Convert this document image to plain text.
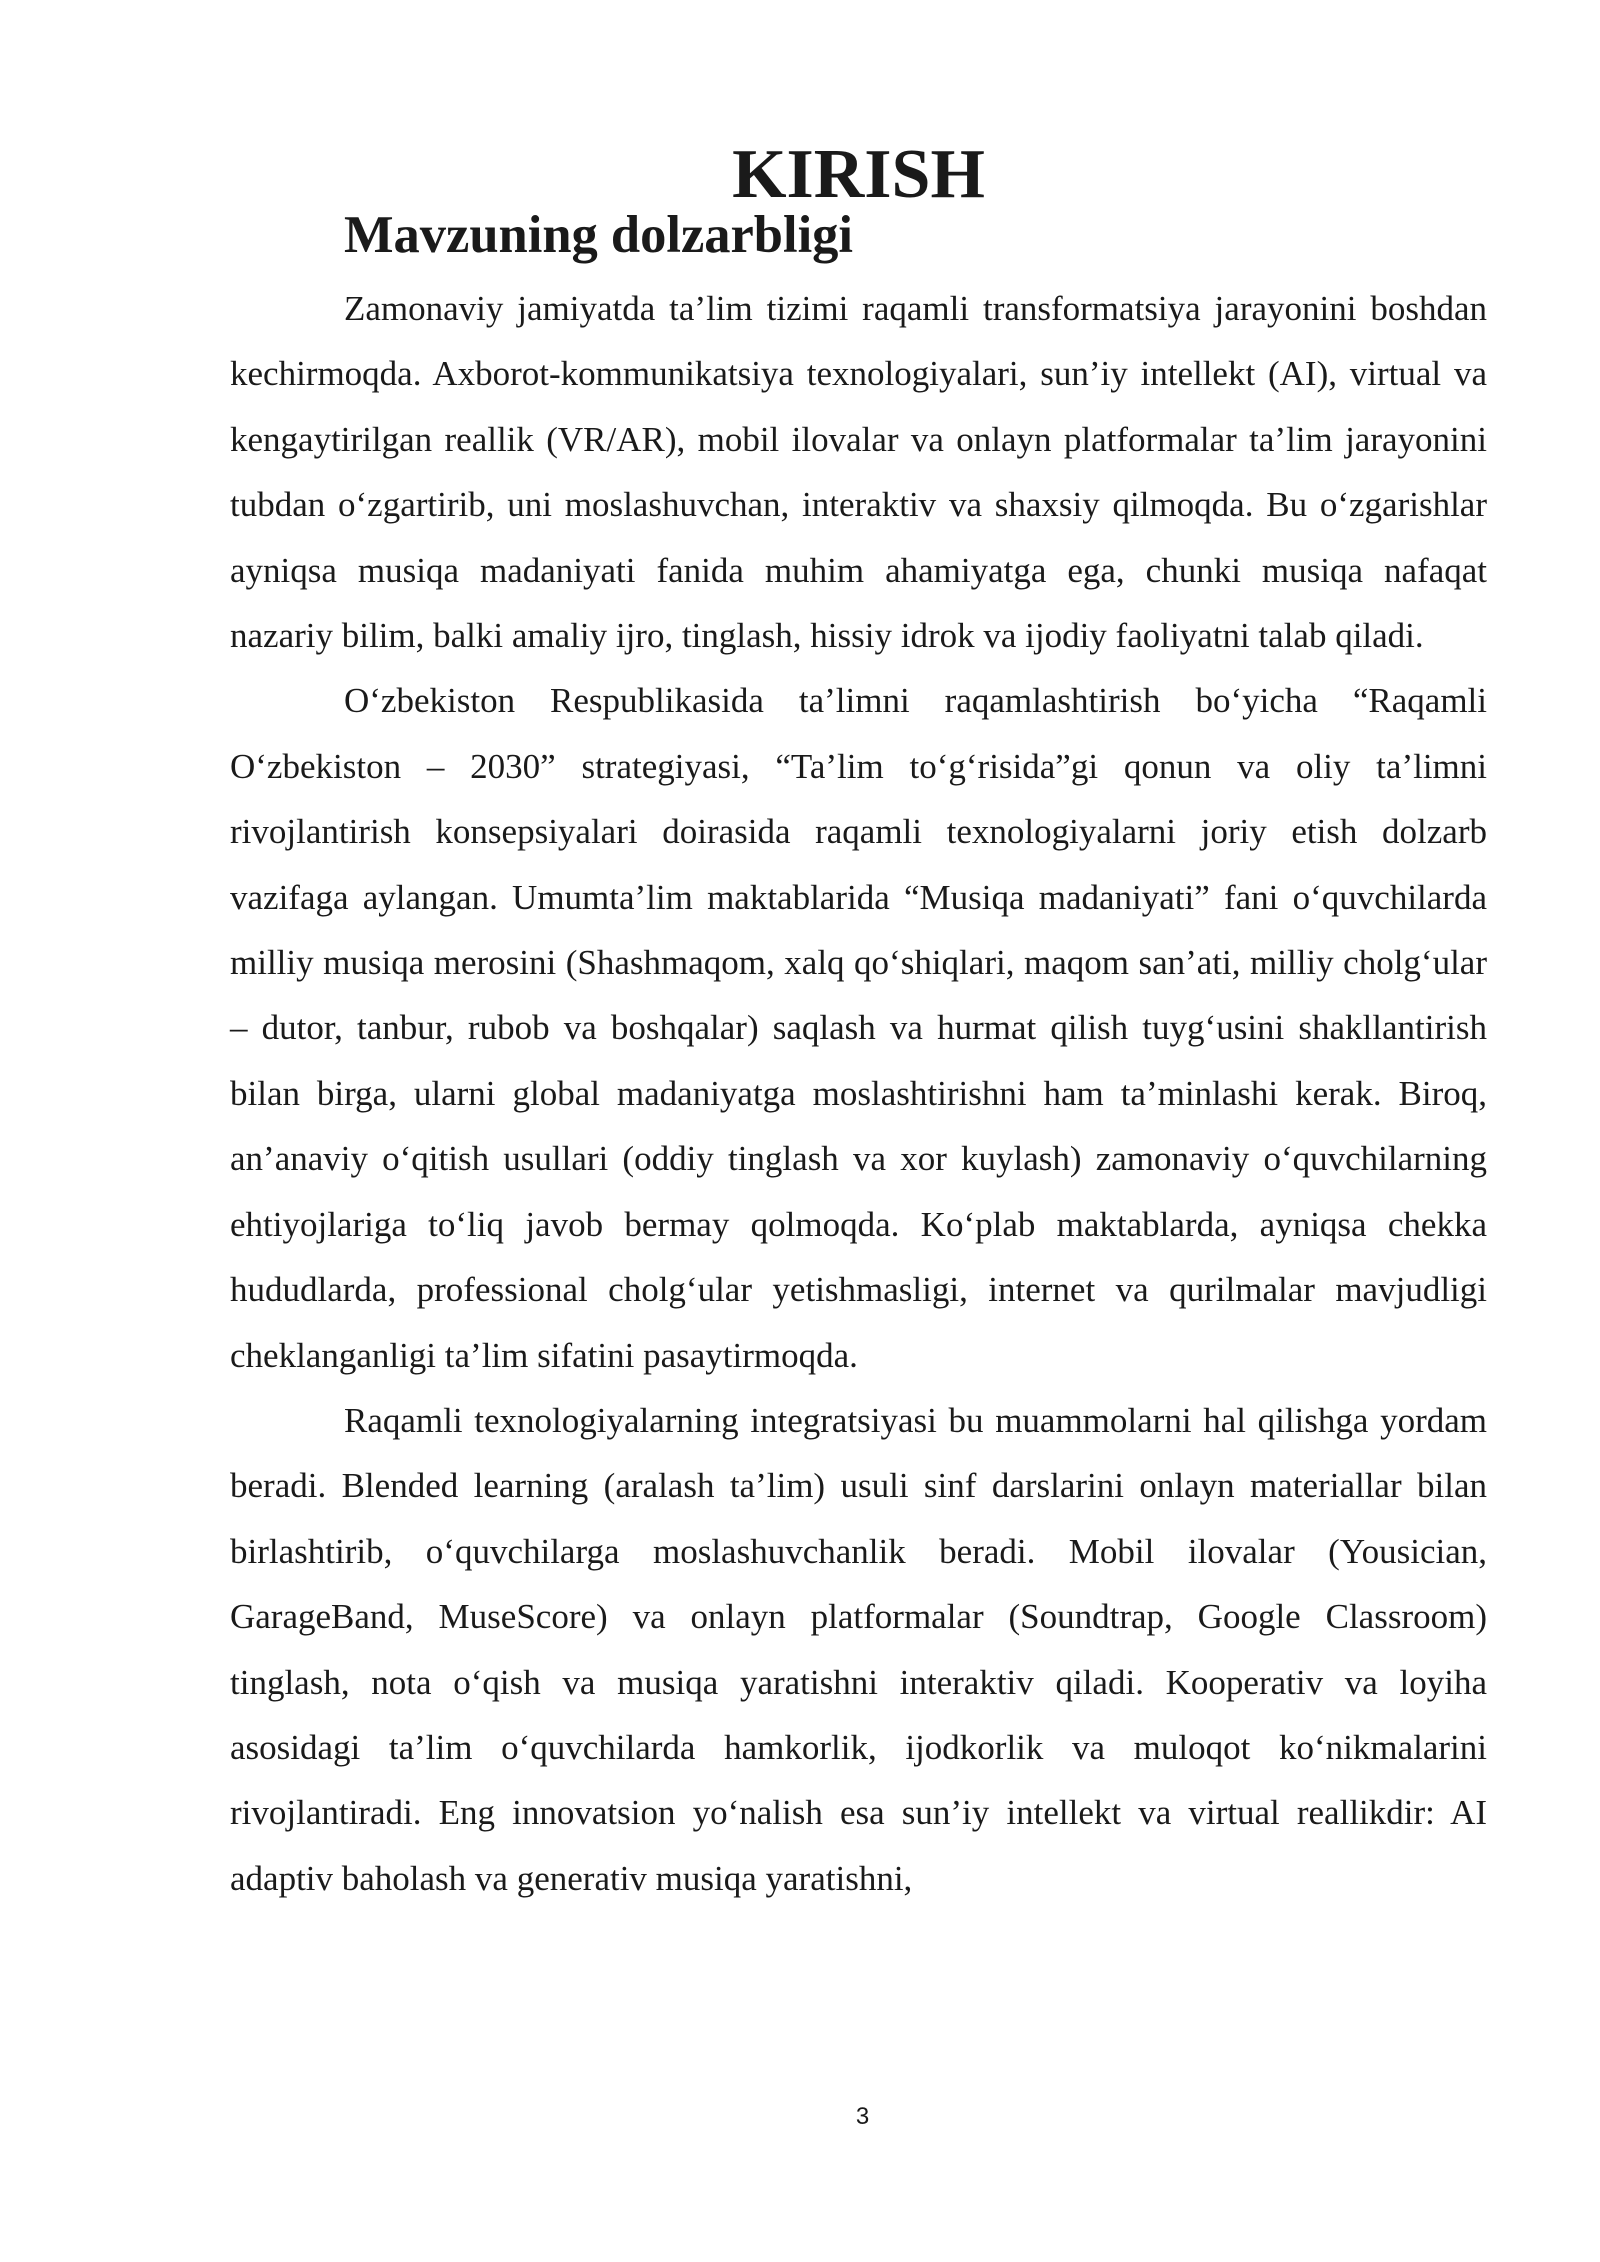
KIRISH
Mavzuning dolzarbligi

Zamonaviy jamiyatda ta’lim tizimi raqamli transformatsiya jarayonini boshdan kechirmoqda. Axborot-kommunikatsiya texnologiyalari, sun’iy intellekt (AI), virtual va kengaytirilgan reallik (VR/AR), mobil ilovalar va onlayn platformalar ta’lim jarayonini tubdan oʻzgartirib, uni moslashuvchan, interaktiv va shaxsiy qilmoqda. Bu oʻzgarishlar ayniqsa musiqa madaniyati fanida muhim ahamiyatga ega, chunki musiqa nafaqat nazariy bilim, balki amaliy ijro, tinglash, hissiy idrok va ijodiy faoliyatni talab qiladi.

Oʻzbekiston Respublikasida ta’limni raqamlashtirish boʻyicha “Raqamli Oʻzbekiston – 2030” strategiyasi, “Ta’lim toʻgʻrisida”gi qonun va oliy ta’limni rivojlantirish konsepsiyalari doirasida raqamli texnologiyalarni joriy etish dolzarb vazifaga aylangan. Umumta’lim maktablarida “Musiqa madaniyati” fani oʻquvchilarda milliy musiqa merosini (Shashmaqom, xalq qoʻshiqlari, maqom san’ati, milliy cholgʻular – dutor, tanbur, rubob va boshqalar) saqlash va hurmat qilish tuygʻusini shakllantirish bilan birga, ularni global madaniyatga moslashtirishni ham ta’minlashi kerak. Biroq, an’anaviy oʻqitish usullari (oddiy tinglash va xor kuylash) zamonaviy oʻquvchilarning ehtiyojlariga toʻliq javob bermay qolmoqda. Koʻplab maktablarda, ayniqsa chekka hududlarda, professional cholgʻular yetishmasligi, internet va qurilmalar mavjudligi cheklanganligi ta’lim sifatini pasaytirmoqda.

Raqamli texnologiyalarning integratsiyasi bu muammolarni hal qilishga yordam beradi. Blended learning (aralash ta’lim) usuli sinf darslarini onlayn materiallar bilan birlashtirib, oʻquvchilarga moslashuvchanlik beradi. Mobil ilovalar (Yousician, GarageBand, MuseScore) va onlayn platformalar (Soundtrap, Google Classroom) tinglash, nota oʻqish va musiqa yaratishni interaktiv qiladi. Kooperativ va loyiha asosidagi ta’lim oʻquvchilarda hamkorlik, ijodkorlik va muloqot koʻnikmalarini rivojlantiradi. Eng innovatsion yoʻnalish esa sun’iy intellekt va virtual reallikdir: AI adaptiv baholash va generativ musiqa yaratishni,

3
